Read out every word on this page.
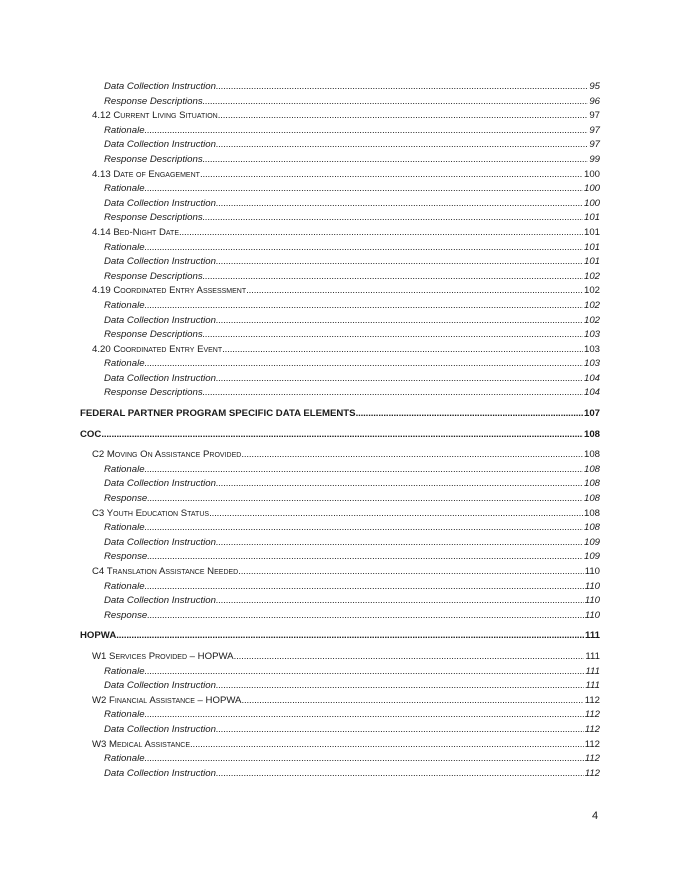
Data Collection Instruction . . .	95
Response Descriptions . . .	96
4.12 Current Living Situation . . .	97
Rationale . . .	97
Data Collection Instruction . . .	97
Response Descriptions . . .	99
4.13 Date of Engagement . . .	100
Rationale . . .	100
Data Collection Instruction . . .	100
Response Descriptions . . .	101
4.14 Bed-Night Date . . .	101
Rationale . . .	101
Data Collection Instruction . . .	101
Response Descriptions . . .	102
4.19 Coordinated Entry Assessment . . .	102
Rationale . . .	102
Data Collection Instruction . . .	102
Response Descriptions . . .	103
4.20 Coordinated Entry Event . . .	103
Rationale . . .	103
Data Collection Instruction . . .	104
Response Descriptions . . .	104
FEDERAL PARTNER PROGRAM SPECIFIC DATA ELEMENTS . . .	107
COC . . .	108
C2 Moving On Assistance Provided . . .	108
Rationale . . .	108
Data Collection Instruction . . .	108
Response . . .	108
C3 Youth Education Status . . .	108
Rationale . . .	108
Data Collection Instruction . . .	109
Response . . .	109
C4 Translation Assistance Needed . . .	110
Rationale . . .	110
Data Collection Instruction . . .	110
Response . . .	110
HOPWA . . .	111
W1 Services Provided – HOPWA . . .	111
Rationale . . .	111
Data Collection Instruction . . .	111
W2 Financial Assistance – HOPWA . . .	112
Rationale . . .	112
Data Collection Instruction . . .	112
W3 Medical Assistance . . .	112
Rationale . . .	112
Data Collection Instruction . . .	112
4
